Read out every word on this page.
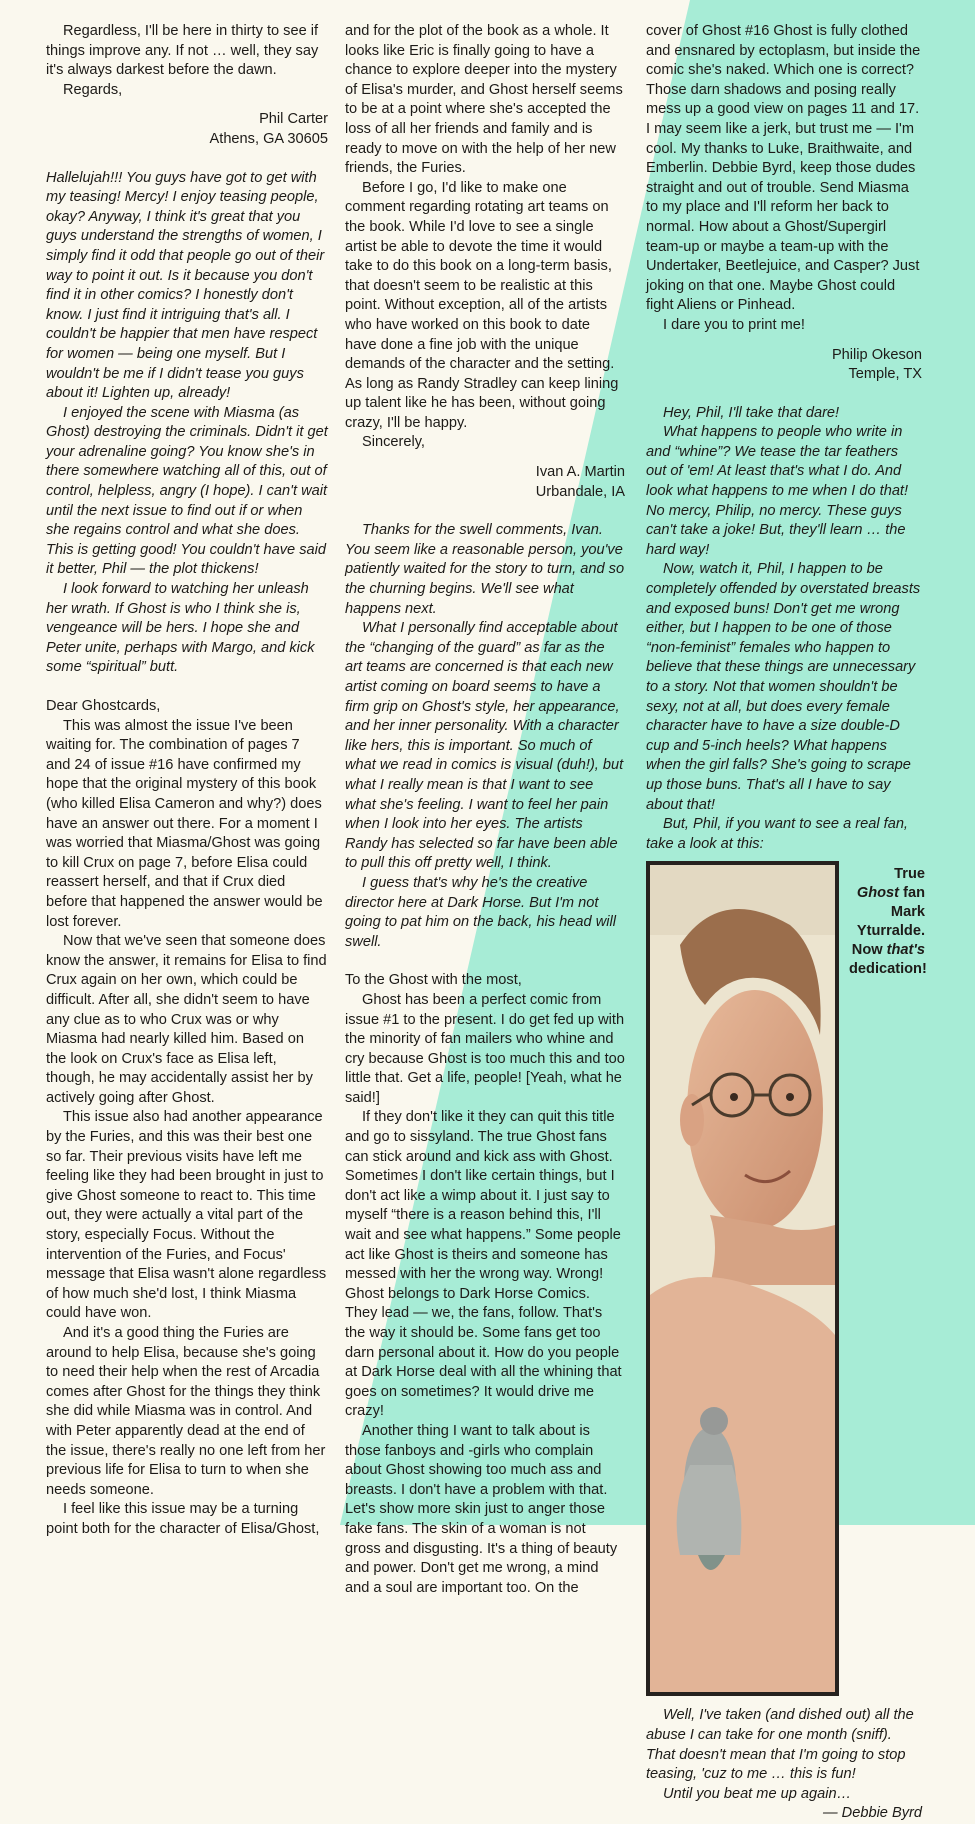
Regardless, I'll be here in thirty to see if things improve any. If not … well, they say it's always darkest before the dawn.

Regards,

Phil Carter

Athens, GA 30605

Hallelujah!!! You guys have got to get with my teasing! Mercy! I enjoy teasing people, okay? Anyway, I think it's great that you guys understand the strengths of women, I simply find it odd that people go out of their way to point it out. Is it because you don't find it in other comics? I honestly don't know. I just find it intriguing that's all. I couldn't be happier that men have respect for women — being one myself. But I wouldn't be me if I didn't tease you guys about it! Lighten up, already!

I enjoyed the scene with Miasma (as Ghost) destroying the criminals. Didn't it get your adrenaline going? You know she's in there somewhere watching all of this, out of control, helpless, angry (I hope). I can't wait until the next issue to find out if or when she regains control and what she does. This is getting good! You couldn't have said it better, Phil — the plot thickens!

I look forward to watching her unleash her wrath. If Ghost is who I think she is, vengeance will be hers. I hope she and Peter unite, perhaps with Margo, and kick some “spiritual” butt.

Dear Ghostcards,

This was almost the issue I've been waiting for. The combination of pages 7 and 24 of issue #16 have confirmed my hope that the original mystery of this book (who killed Elisa Cameron and why?) does have an answer out there. For a moment I was worried that Miasma/Ghost was going to kill Crux on page 7, before Elisa could reassert herself, and that if Crux died before that happened the answer would be lost forever.

Now that we've seen that someone does know the answer, it remains for Elisa to find Crux again on her own, which could be difficult. After all, she didn't seem to have any clue as to who Crux was or why Miasma had nearly killed him. Based on the look on Crux's face as Elisa left, though, he may accidentally assist her by actively going after Ghost.

This issue also had another appearance by the Furies, and this was their best one so far. Their previous visits have left me feeling like they had been brought in just to give Ghost someone to react to. This time out, they were actually a vital part of the story, especially Focus. Without the intervention of the Furies, and Focus' message that Elisa wasn't alone regardless of how much she'd lost, I think Miasma could have won.

And it's a good thing the Furies are around to help Elisa, because she's going to need their help when the rest of Arcadia comes after Ghost for the things they think she did while Miasma was in control. And with Peter apparently dead at the end of the issue, there's really no one left from her previous life for Elisa to turn to when she needs someone.

I feel like this issue may be a turning point both for the character of Elisa/Ghost,

and for the plot of the book as a whole. It looks like Eric is finally going to have a chance to explore deeper into the mystery of Elisa's murder, and Ghost herself seems to be at a point where she's accepted the loss of all her friends and family and is ready to move on with the help of her new friends, the Furies.

Before I go, I'd like to make one comment regarding rotating art teams on the book. While I'd love to see a single artist be able to devote the time it would take to do this book on a long-term basis, that doesn't seem to be realistic at this point. Without exception, all of the artists who have worked on this book to date have done a fine job with the unique demands of the character and the setting. As long as Randy Stradley can keep lining up talent like he has been, without going crazy, I'll be happy.

Sincerely,

Ivan A. Martin

Urbandale, IA

Thanks for the swell comments, Ivan. You seem like a reasonable person, you've patiently waited for the story to turn, and so the churning begins. We'll see what happens next.

What I personally find acceptable about the “changing of the guard” as far as the art teams are concerned is that each new artist coming on board seems to have a firm grip on Ghost's style, her appearance, and her inner personality. With a character like hers, this is important. So much of what we read in comics is visual (duh!), but what I really mean is that I want to see what she's feeling. I want to feel her pain when I look into her eyes. The artists Randy has selected so far have been able to pull this off pretty well, I think.

I guess that's why he's the creative director here at Dark Horse. But I'm not going to pat him on the back, his head will swell.

To the Ghost with the most,

Ghost has been a perfect comic from issue #1 to the present. I do get fed up with the minority of fan mailers who whine and cry because Ghost is too much this and too little that. Get a life, people! [Yeah, what he said!]

If they don't like it they can quit this title and go to sissyland. The true Ghost fans can stick around and kick ass with Ghost. Sometimes I don't like certain things, but I don't act like a wimp about it. I just say to myself “there is a reason behind this, I'll wait and see what happens.” Some people act like Ghost is theirs and someone has messed with her the wrong way. Wrong! Ghost belongs to Dark Horse Comics. They lead — we, the fans, follow. That's the way it should be. Some fans get too darn personal about it. How do you people at Dark Horse deal with all the whining that goes on sometimes? It would drive me crazy!

Another thing I want to talk about is those fanboys and -girls who complain about Ghost showing too much ass and breasts. I don't have a problem with that. Let's show more skin just to anger those fake fans. The skin of a woman is not gross and disgusting. It's a thing of beauty and power. Don't get me wrong, a mind and a soul are important too. On the

cover of Ghost #16 Ghost is fully clothed and ensnared by ectoplasm, but inside the comic she's naked. Which one is correct? Those darn shadows and posing really mess up a good view on pages 11 and 17. I may seem like a jerk, but trust me — I'm cool. My thanks to Luke, Braithwaite, and Emberlin. Debbie Byrd, keep those dudes straight and out of trouble. Send Miasma to my place and I'll reform her back to normal. How about a Ghost/Supergirl team-up or maybe a team-up with the Undertaker, Beetlejuice, and Casper? Just joking on that one. Maybe Ghost could fight Aliens or Pinhead.

I dare you to print me!

Philip Okeson

Temple, TX

Hey, Phil, I'll take that dare!

What happens to people who write in and “whine”? We tease the tar feathers out of 'em! At least that's what I do. And look what happens to me when I do that! No mercy, Philip, no mercy. These guys can't take a joke! But, they'll learn … the hard way!

Now, watch it, Phil, I happen to be completely offended by overstated breasts and exposed buns! Don't get me wrong either, but I happen to be one of those “non-feminist” females who happen to believe that these things are unnecessary to a story. Not that women shouldn't be sexy, not at all, but does every female character have to have a size double-D cup and 5-inch heels? What happens when the girl falls? She's going to scrape up those buns. That's all I have to say about that!

But, Phil, if you want to see a real fan, take a look at this:

True Ghost fan Mark Yturralde. Now that's dedication!

Well, I've taken (and dished out) all the abuse I can take for one month (sniff). That doesn't mean that I'm going to stop teasing, 'cuz to me … this is fun!

Until you beat me up again…

— Debbie Byrd
